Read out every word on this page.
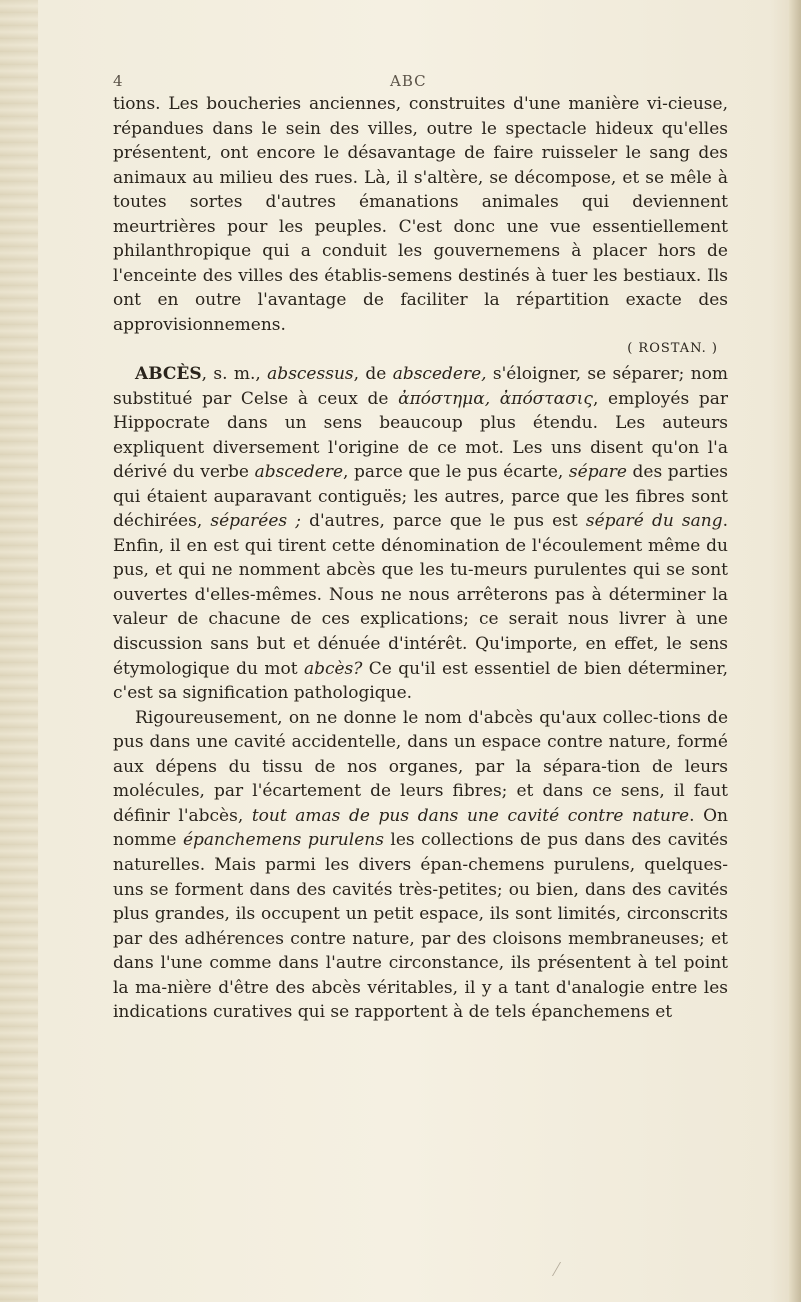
4	ABC

tions. Les boucheries anciennes, construites d'une manière vi-cieuse, répandues dans le sein des villes, outre le spectacle hideux qu'elles présentent, ont encore le désavantage de faire ruisseler le sang des animaux au milieu des rues. Là, il s'altère, se décompose, et se mêle à toutes sortes d'autres émanations animales qui deviennent meurtrières pour les peuples. C'est donc une vue essentiellement philanthropique qui a conduit les gouvernemens à placer hors de l'enceinte des villes des établis-semens destinés à tuer les bestiaux. Ils ont en outre l'avantage de faciliter la répartition exacte des approvisionnemens.

( ROSTAN. )

ABCÈS, s. m., abscessus, de abscedere, s'éloigner, se séparer; nom substitué par Celse à ceux de ἀπόστημα, ἀπόστασις, employés par Hippocrate dans un sens beaucoup plus étendu. Les auteurs expliquent diversement l'origine de ce mot. Les uns disent qu'on l'a dérivé du verbe abscedere, parce que le pus écarte, sépare des parties qui étaient auparavant contiguës; les autres, parce que les fibres sont déchirées, séparées ; d'autres, parce que le pus est séparé du sang. Enfin, il en est qui tirent cette dénomination de l'écoulement même du pus, et qui ne nomment abcès que les tu-meurs purulentes qui se sont ouvertes d'elles-mêmes. Nous ne nous arrêterons pas à déterminer la valeur de chacune de ces explications; ce serait nous livrer à une discussion sans but et dénuée d'intérêt. Qu'importe, en effet, le sens étymologique du mot abcès? Ce qu'il est essentiel de bien déterminer, c'est sa signification pathologique.

Rigoureusement, on ne donne le nom d'abcès qu'aux collec-tions de pus dans une cavité accidentelle, dans un espace contre nature, formé aux dépens du tissu de nos organes, par la sépara-tion de leurs molécules, par l'écartement de leurs fibres; et dans ce sens, il faut définir l'abcès, tout amas de pus dans une cavité contre nature. On nomme épanchemens purulens les collections de pus dans des cavités naturelles. Mais parmi les divers épan-chemens purulens, quelques-uns se forment dans des cavités très-petites; ou bien, dans des cavités plus grandes, ils occupent un petit espace, ils sont limités, circonscrits par des adhérences contre nature, par des cloisons membraneuses; et dans l'une comme dans l'autre circonstance, ils présentent à tel point la ma-nière d'être des abcès véritables, il y a tant d'analogie entre les indications curatives qui se rapportent à de tels épanchemens et
